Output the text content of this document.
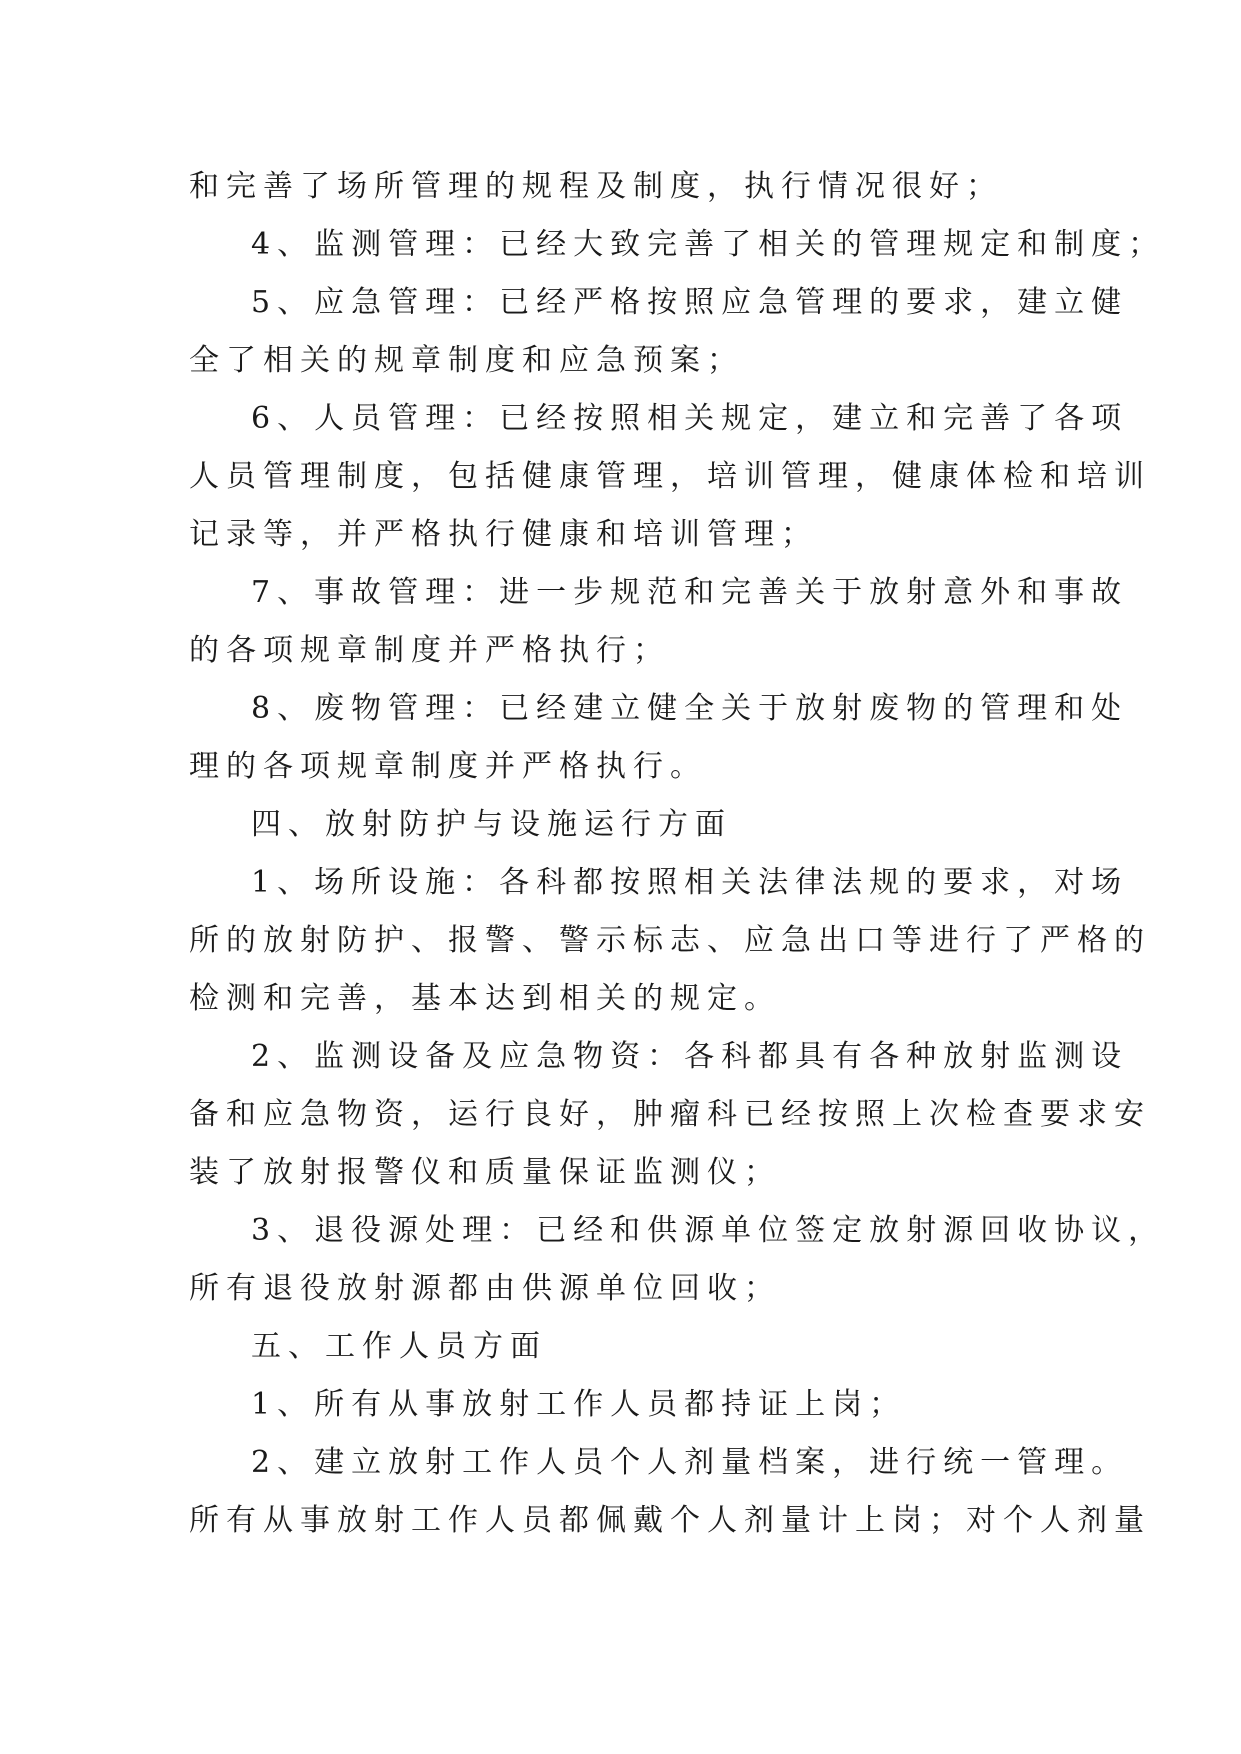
和完善了场所管理的规程及制度，执行情况很好；
4、监测管理：已经大致完善了相关的管理规定和制度；
5、应急管理：已经严格按照应急管理的要求，建立健
全了相关的规章制度和应急预案；
6、人员管理：已经按照相关规定，建立和完善了各项
人员管理制度，包括健康管理，培训管理，健康体检和培训
记录等，并严格执行健康和培训管理；
7、事故管理：进一步规范和完善关于放射意外和事故
的各项规章制度并严格执行；
8、废物管理：已经建立健全关于放射废物的管理和处
理的各项规章制度并严格执行。
四、放射防护与设施运行方面
1、场所设施：各科都按照相关法律法规的要求，对场
所的放射防护、报警、警示标志、应急出口等进行了严格的
检测和完善，基本达到相关的规定。
2、监测设备及应急物资：各科都具有各种放射监测设
备和应急物资，运行良好，肿瘤科已经按照上次检查要求安
装了放射报警仪和质量保证监测仪；
3、退役源处理：已经和供源单位签定放射源回收协议，
所有退役放射源都由供源单位回收；
五、工作人员方面
1、所有从事放射工作人员都持证上岗；
2、建立放射工作人员个人剂量档案，进行统一管理。
所有从事放射工作人员都佩戴个人剂量计上岗；对个人剂量
